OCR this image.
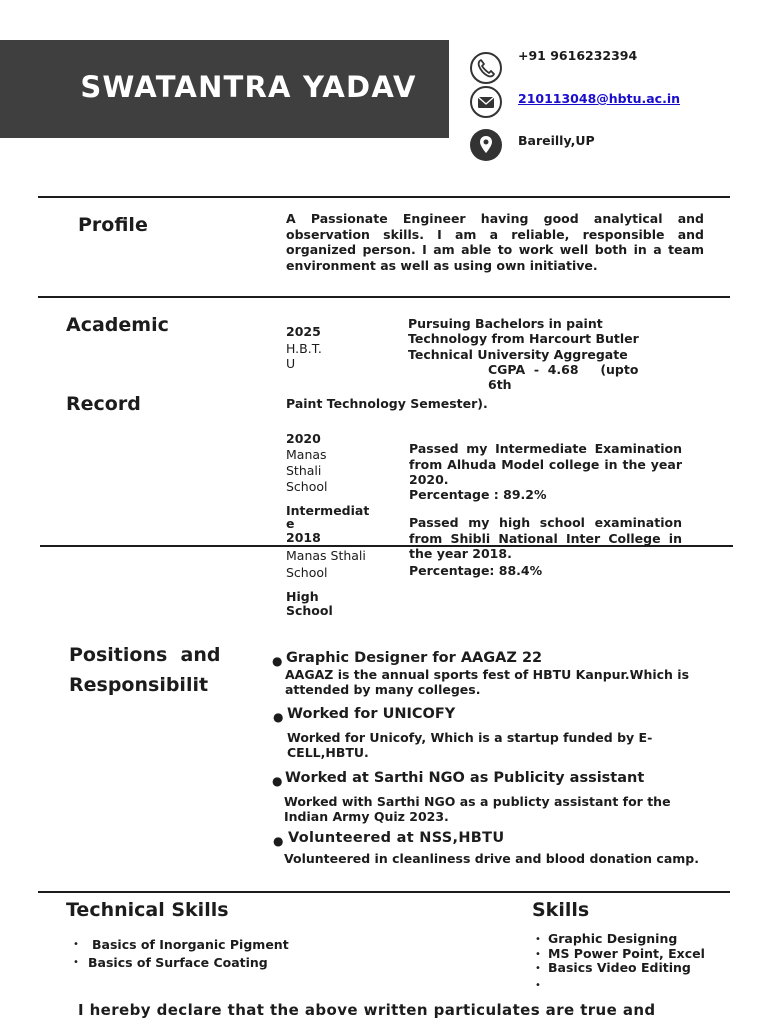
SWATANTRA YADAV
+91 9616232394
210113048@hbtu.ac.in
Bareilly,UP
Profile	A Passionate Engineer having good analytical and observation skills. I am a reliable, responsible and organized person. I am able to work well both in a team environment as well as using own initiative.
Academic
Record
2025
H.B.T.
U
Pursuing Bachelors in paint
Technology from Harcourt Butler
Technical University Aggregate
CGPA  -  4.68     (upto
6th
Paint Technology Semester).
2020
Manas
Sthali
School
Passed my Intermediate Examination from Alhuda Model college in the year 2020.
Percentage : 89.2%
Intermediat
e
2018
Manas Sthali
School
Passed my high school examination from Shibli National Inter College in the year 2018.
Percentage: 88.4%
High
School
Positions  and
Responsibilit
● Graphic Designer for AAGAZ 22
AAGAZ is the annual sports fest of HBTU Kanpur.Which is attended by many colleges.
● Worked for UNICOFY
Worked for Unicofy, Which is a startup funded by E-CELL,HBTU.
● Worked at Sarthi NGO as Publicity assistant
Worked with Sarthi NGO as a publicty assistant for the Indian Army Quiz 2023.
● Volunteered at NSS,HBTU
Volunteered in cleanliness drive and blood donation camp.
Technical Skills
• Basics of Inorganic Pigment
• Basics of Surface Coating
Skills
• Graphic Designing
• MS Power Point, Excel
• Basics Video Editing
•
I hereby declare that the above written particulates are true and
